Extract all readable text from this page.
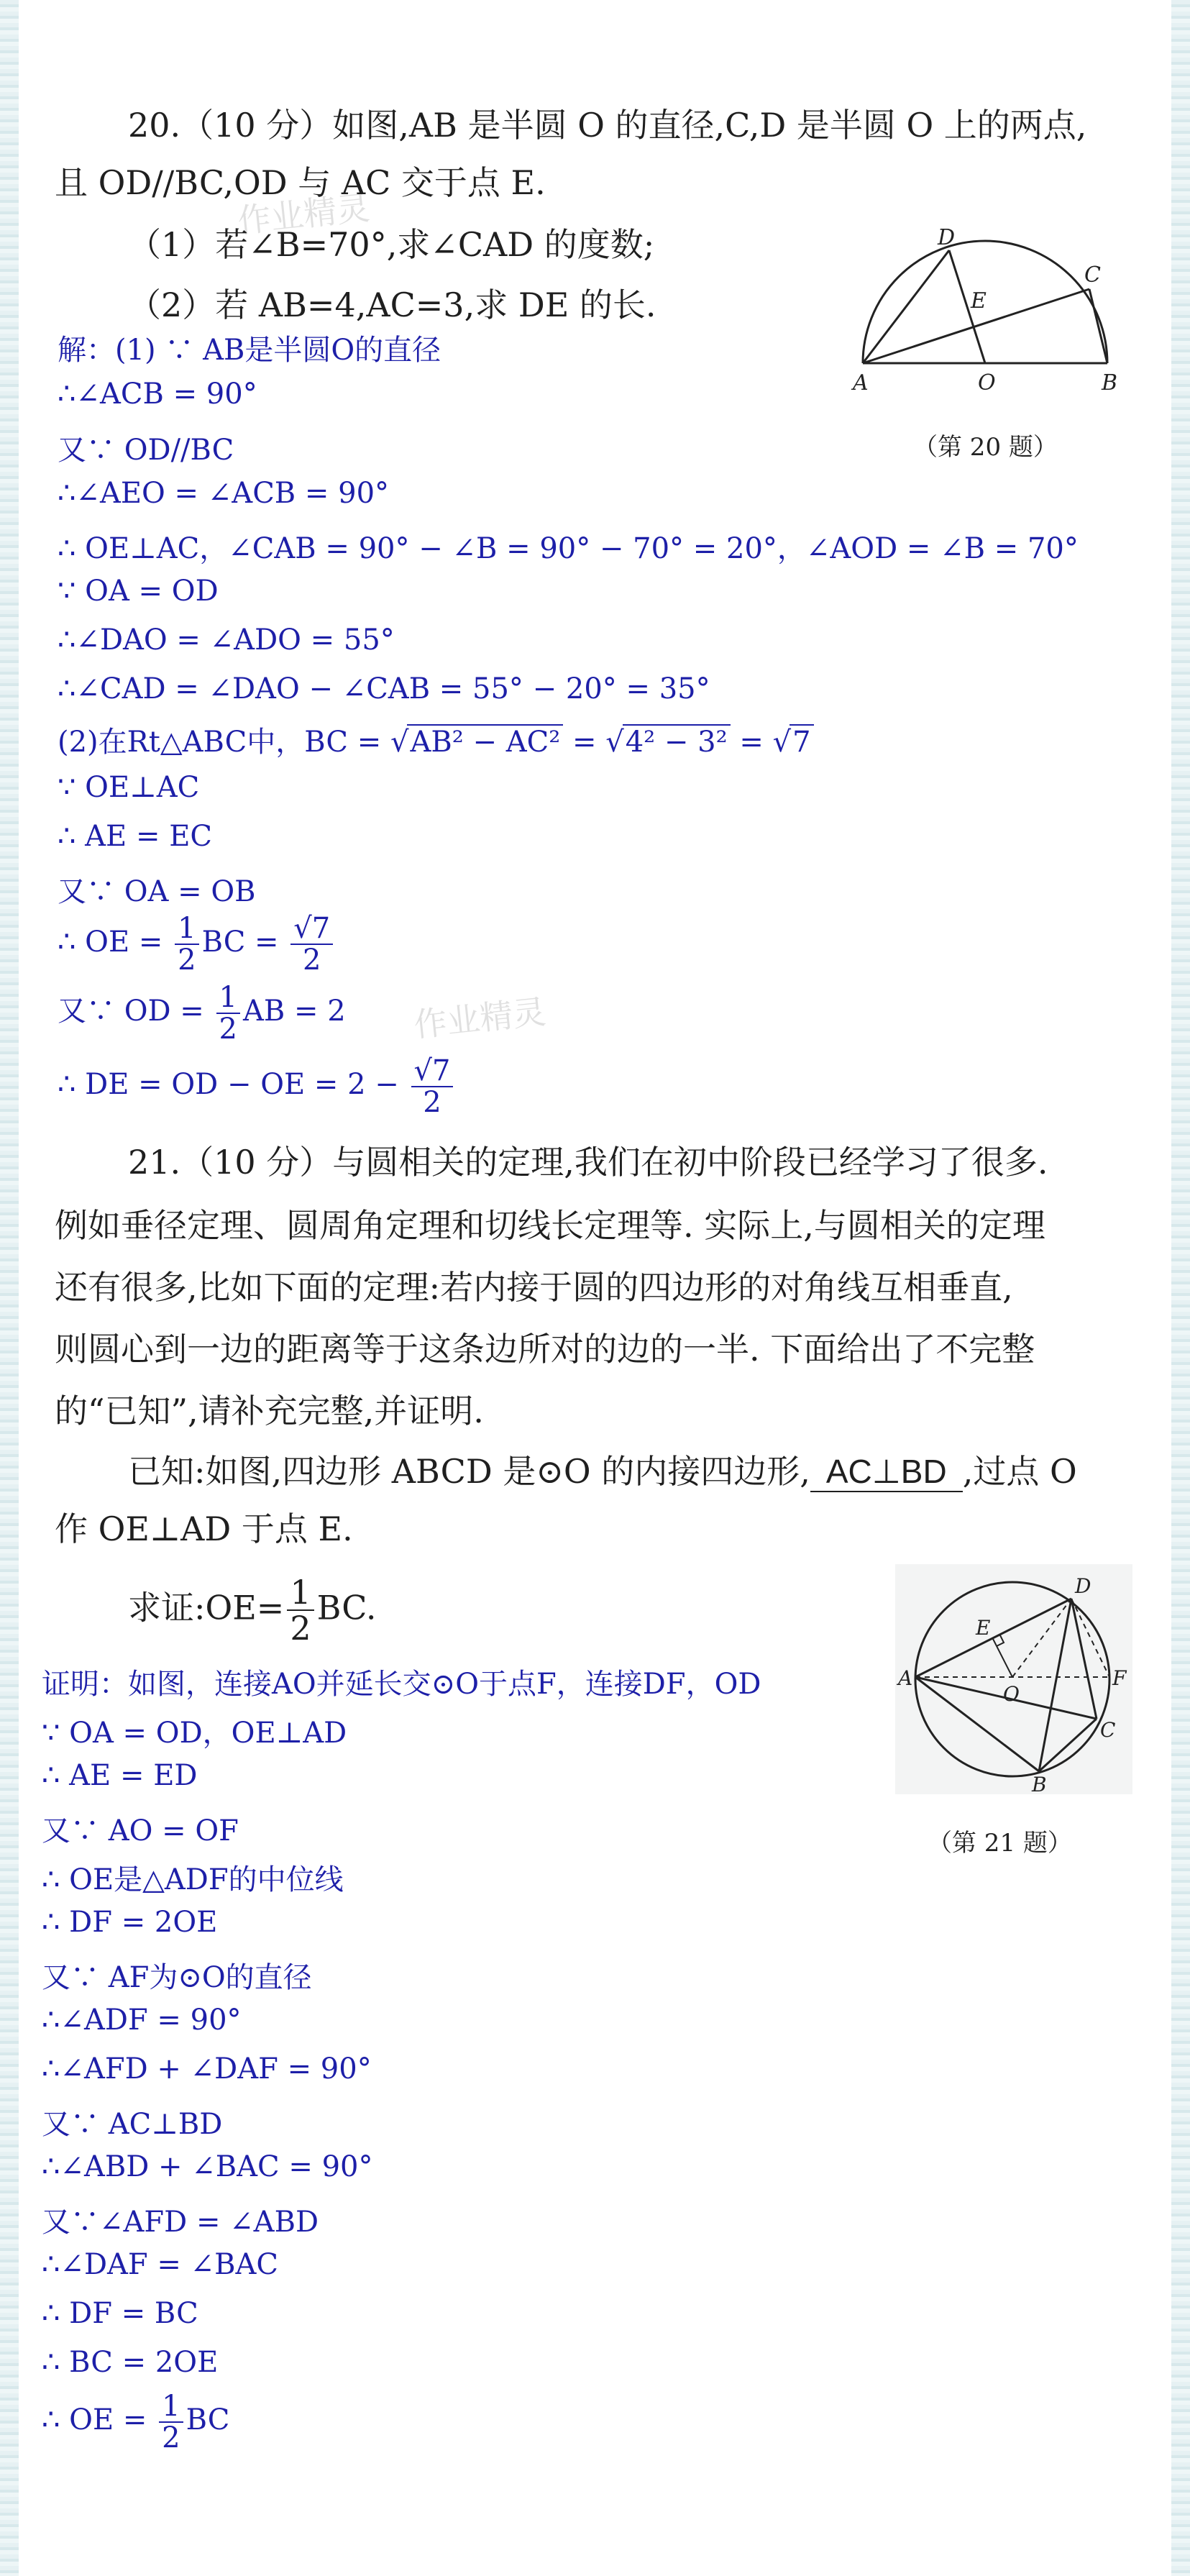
作业精灵
作业精灵
20.（10 分）如图,AB 是半圆 O 的直径,C,D 是半圆 O 上的两点,
且 OD//BC,OD 与 AC 交于点 E.
（1）若∠B=70°,求∠CAD 的度数;
（2）若 AB=4,AC=3,求 DE 的长.
D
C
E
A	O	B
（第 20 题）
解：(1) ∵ AB是半圆O的直径
∴∠ACB = 90°
又∵ OD//BC
∴∠AEO = ∠ACB = 90°
∴ OE⊥AC，∠CAB = 90° − ∠B = 90° − 70° = 20°，∠AOD = ∠B = 70°
∵ OA = OD
∴∠DAO = ∠ADO = 55°
∴∠CAD = ∠DAO − ∠CAB = 55° − 20° = 35°
(2)在Rt△ABC中，BC = √AB² − AC² = √4² − 3² = √7
∵ OE⊥AC
∴ AE = EC
又∵ OA = OB
∴ OE = $\frac{1}{2}$ BC = $\frac{√7}{2}$
又∵ OD = $\frac{1}{2}$ AB = 2
∴ DE = OD − OE = $2 - \frac{√7}{2}$
21.（10 分）与圆相关的定理,我们在初中阶段已经学习了很多.
例如垂径定理、圆周角定理和切线长定理等. 实际上,与圆相关的定理
还有很多,比如下面的定理:若内接于圆的四边形的对角线互相垂直,
则圆心到一边的距离等于这条边所对的边的一半. 下面给出了不完整
的“已知”,请补充完整,并证明.
已知:如图,四边形 ABCD 是⊙O 的内接四边形, AC⊥BD ,过点 O
作 OE⊥AD 于点 E.
求证:OE= $\frac{1}{2}$ BC.
D
E
A
O
F
C
B
（第 21 题）
证明：如图，连接AO并延长交⊙O于点F，连接DF，OD
∵ OA = OD，OE⊥AD
∴ AE = ED
又∵ AO = OF
∴ OE是△ADF的中位线
∴ DF = 2OE
又∵ AF为⊙O的直径
∴∠ADF = 90°
∴∠AFD + ∠DAF = 90°
又∵ AC⊥BD
∴∠ABD + ∠BAC = 90°
又∵∠AFD = ∠ABD
∴∠DAF = ∠BAC
∴ DF = BC
∴ BC = 2OE
∴ OE = $\frac{1}{2}$ BC
